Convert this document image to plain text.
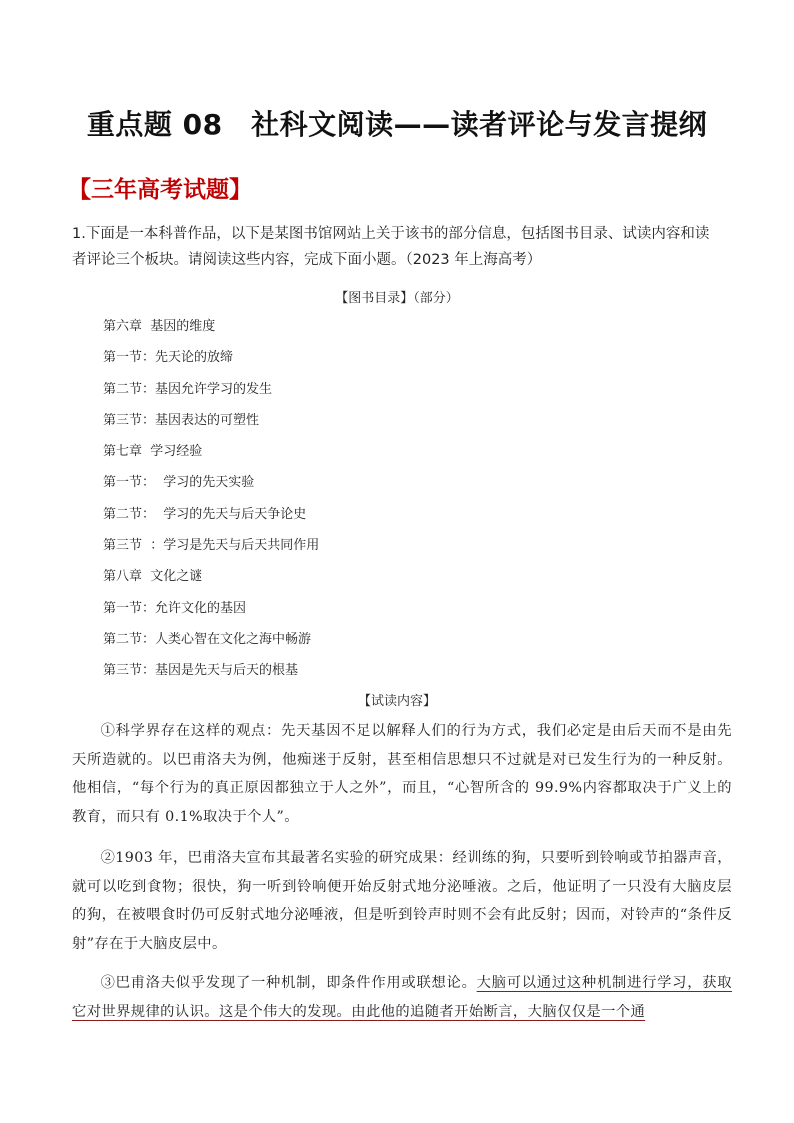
重点题 08　社科文阅读——读者评论与发言提纲
【三年高考试题】

1.下面是一本科普作品，以下是某图书馆网站上关于该书的部分信息，包括图书目录、试读内容和读者评论三个板块。请阅读这些内容，完成下面小题。（2023 年上海高考）

【图书目录】（部分）
第六章  基因的维度
第一节：先天论的放缔
第二节：基因允许学习的发生
第三节：基因表达的可塑性
第七章  学习经验
第一节：  学习的先天实验
第二节：  学习的先天与后天争论史
第三节  ：学习是先天与后天共同作用
第八章  文化之谜
第一节：允许文化的基因
第二节：人类心智在文化之海中畅游
第三节：基因是先天与后天的根基
【试读内容】

①科学界存在这样的观点：先天基因不足以解释人们的行为方式，我们必定是由后天而不是由先天所造就的。以巴甫洛夫为例，他痴迷于反射，甚至相信思想只不过就是对已发生行为的一种反射。他相信，“每个行为的真正原因都独立于人之外”，而且，“心智所含的 99.9%内容都取决于广义上的教育，而只有 0.1%取决于个人”。

②1903 年，巴甫洛夫宣布其最著名实验的研究成果：经训练的狗，只要听到铃响或节拍器声音，就可以吃到食物；很快，狗一听到铃响便开始反射式地分泌唾液。之后，他证明了一只没有大脑皮层的狗，在被喂食时仍可反射式地分泌唾液，但是听到铃声时则不会有此反射；因而，对铃声的“条件反射”存在于大脑皮层中。

③巴甫洛夫似乎发现了一种机制，即条件作用或联想论。大脑可以通过这种机制进行学习，获取它对世界规律的认识。这是个伟大的发现。由此他的追随者开始断言，大脑仅仅是一个通
